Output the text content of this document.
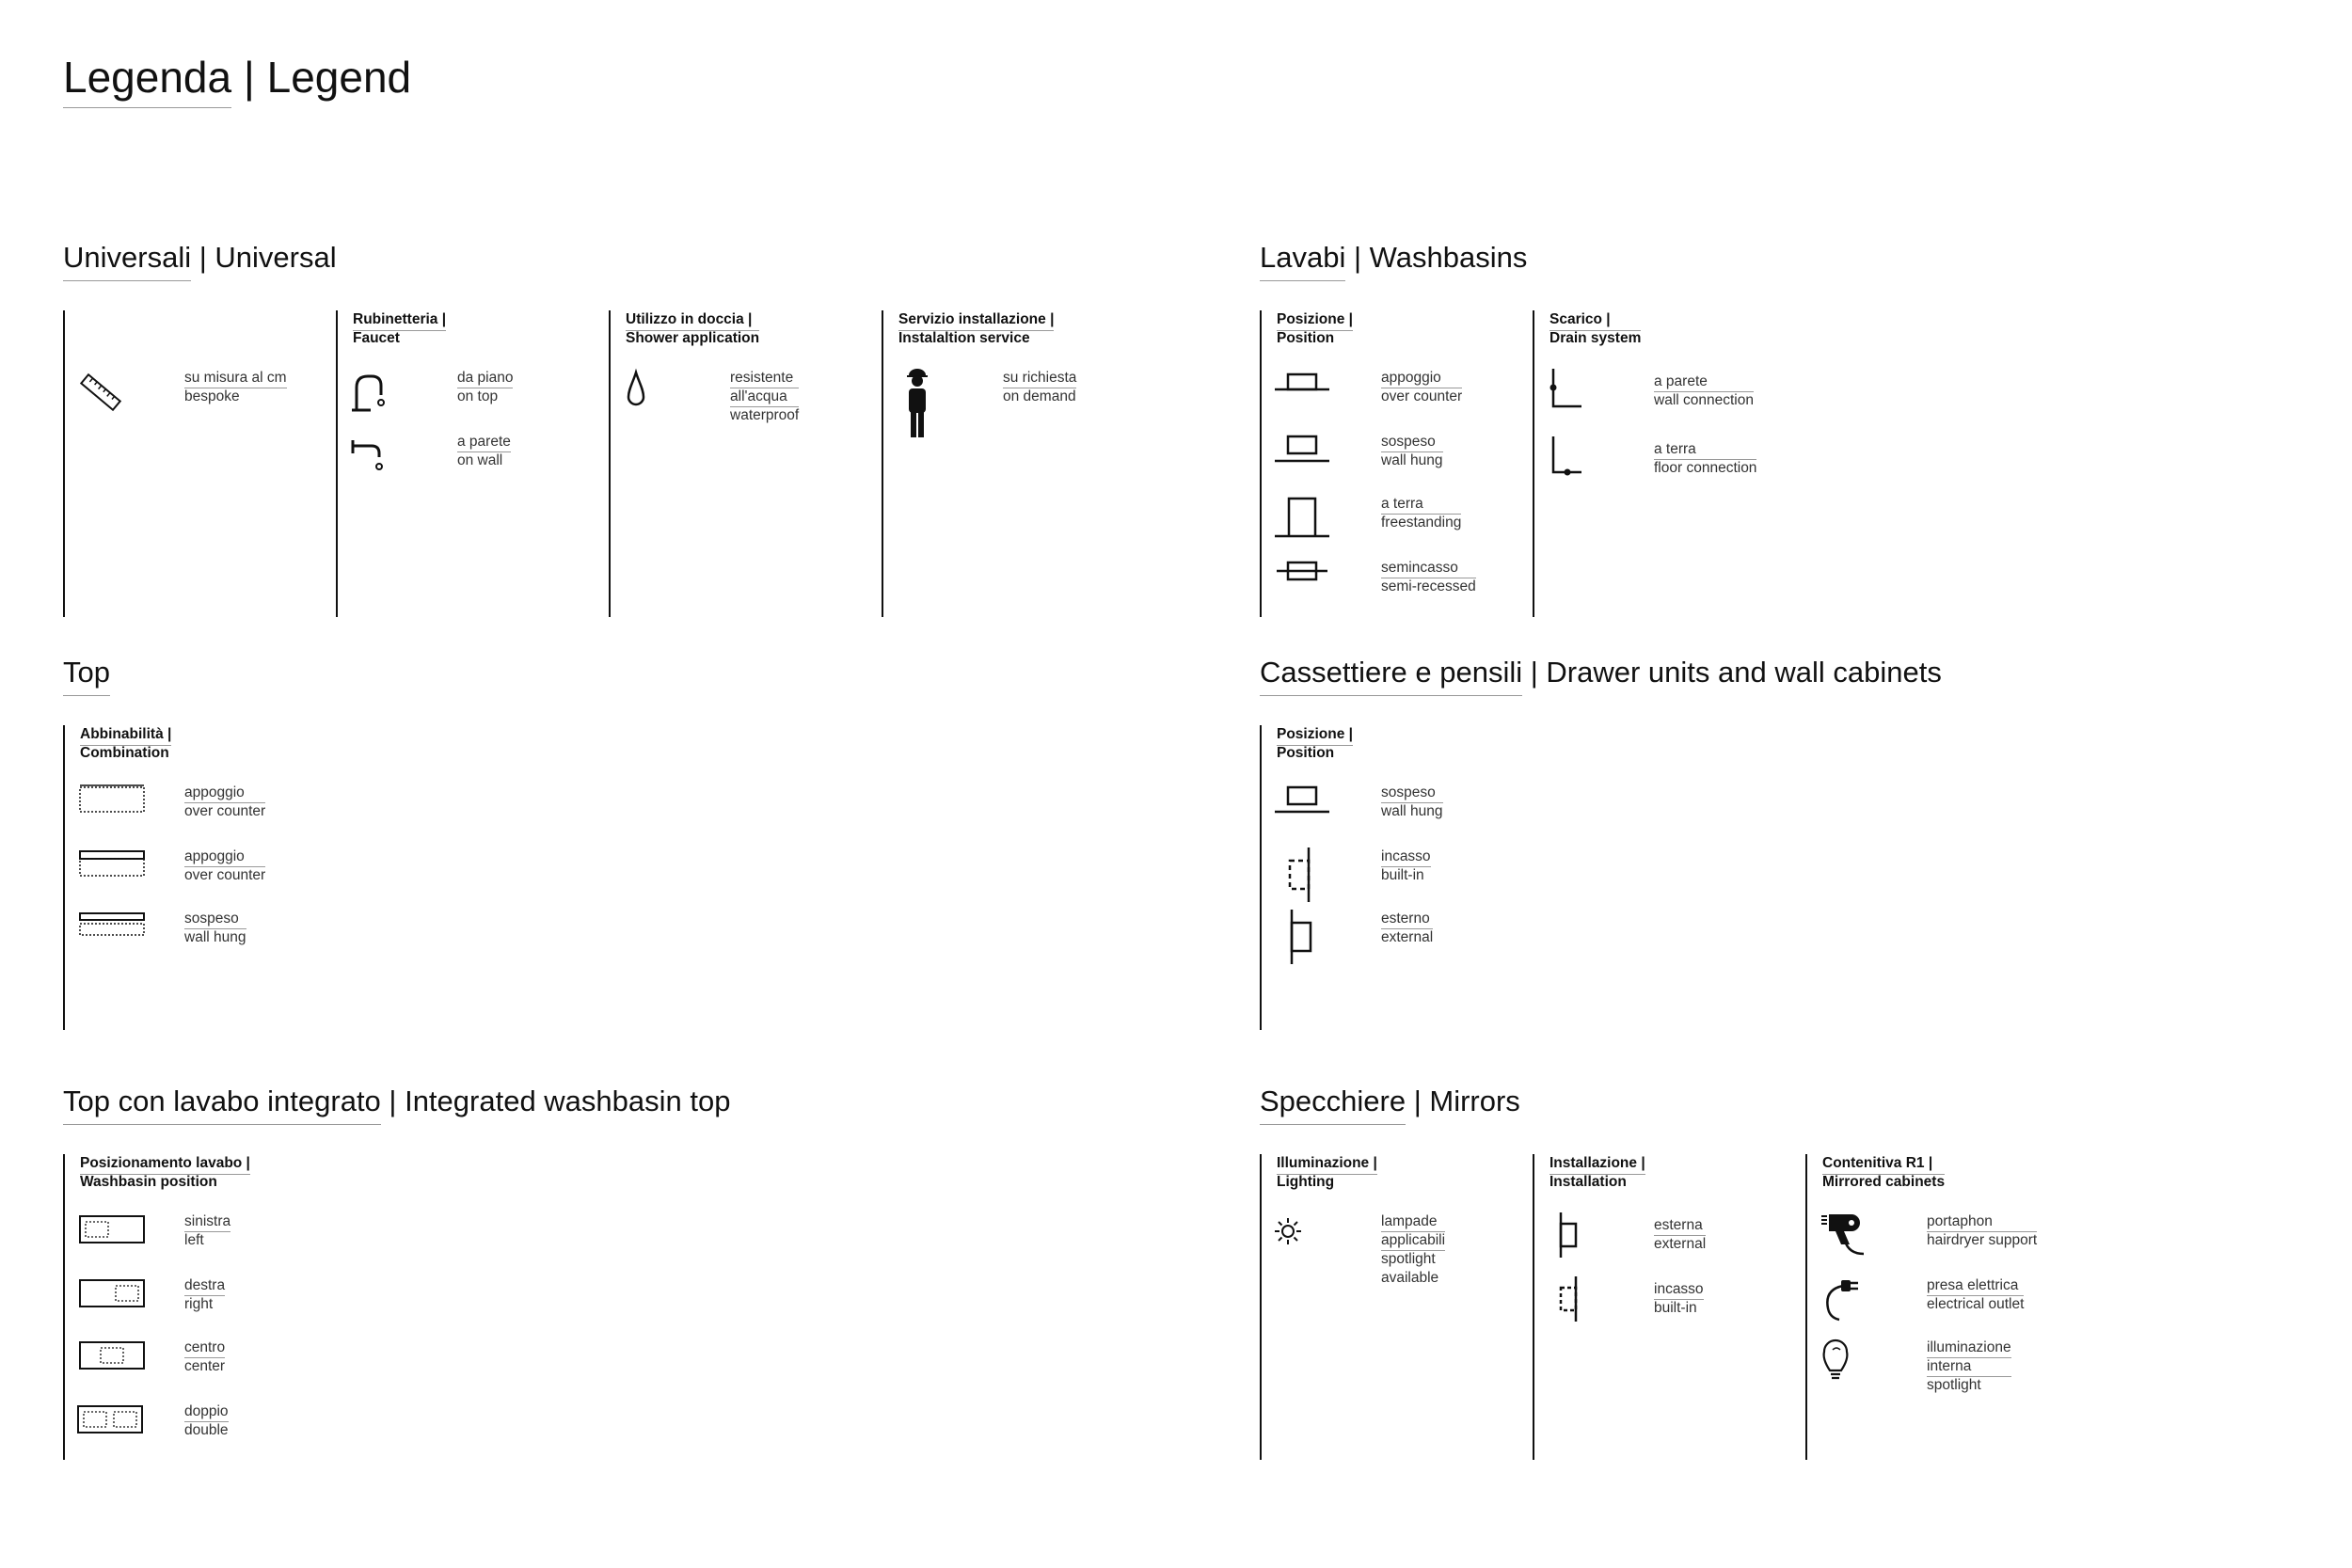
Legenda | Legend
Universali | Universal
su misura al cm
bespoke
Rubinetteria |
Faucet
da piano
on top
a parete
on wall
Utilizzo in doccia |
Shower application
resistente
all'acqua
waterproof
Servizio installazione |
Instalaltion service
su richiesta
on demand
Lavabi | Washbasins
Posizione |
Position
appoggio
over counter
sospeso
wall hung
a terra
freestanding
semincasso
semi-recessed
Scarico |
Drain system
a parete
wall connection
a terra
floor connection
Top
Abbinabilità |
Combination
appoggio
over counter
appoggio
over counter
sospeso
wall hung
Cassettiere e pensili | Drawer units and wall cabinets
Posizione |
Position
sospeso
wall hung
incasso
built-in
esterno
external
Top con lavabo integrato | Integrated washbasin top
Posizionamento lavabo |
Washbasin position
sinistra
left
destra
right
centro
center
doppio
double
Specchiere | Mirrors
Illuminazione |
Lighting
lampade
applicabili
spotlight
available
Installazione |
Installation
esterna
external
incasso
built-in
Contenitiva R1 |
Mirrored cabinets
portaphon
hairdryer support
presa elettrica
electrical outlet
illuminazione
interna
spotlight
